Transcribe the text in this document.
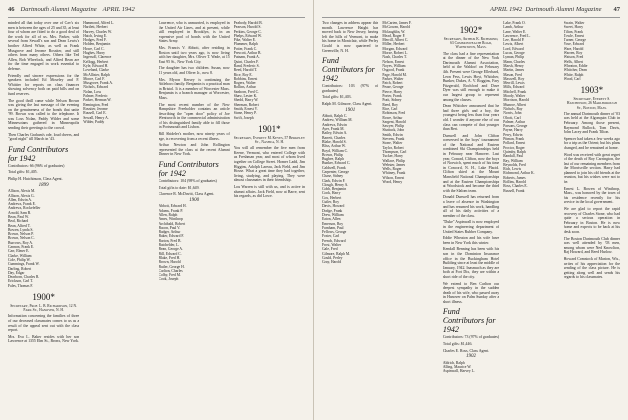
46 Dartmouth Alumni Magazine APRIL 1942

minded all that today over one of Cav's six men is between the ages of 25 and 35, at least four of whom are fitted to do a good deal of the work for all of us. Mrs. Parker, with several from Sewall's son and Dean Lewis's brother Alfred White, as well as Frank Musgrove and Jerome Rossiter, and still others from many others. Others like Ted Allen, Bob Wheelock, and Alfred Bean are for the time engaged in work essential to defense.

Friendly and sincere expressions for the speakers included Ed Moseley and F. Whittier for reports on class finances showing solvency both on paid bills and on fund reserves.

The good thrill came while Nelson Brown was giving the last message of the evening on the genuineness of the bonds that unite '99. Brown was called to the telephone. It was Loss Nolan, Paddy Wilder and some Minnesotans gathered in Minneapolis sending their greetings to the crowd.

Then Charles Graham's ode, loud cheers, and "good night" till March in '43.

Fund Contributors for 1942

Contributors: 66 (96% of graduates)

Total gifts: $1,405.

Philip H. Hutchinson, Class Agent.

1899
Allison, Alexis M.
Allison, Alexis G.
Allen, Edwin A.
Andrews, Frank E.
Andrews, Rockefeller
Arnold, Sam B.
Bean, Paul W.
Beal, Richard
Bean, Alfred T.
Bowen, Lynda S.
Brown, Nelson P.
Brown, Nelson C.
Burrows, Roy A.
Cannon, Frank E.
Carr, Elmer E.
Clarke, William
Cole, Philip W.
Cummings, Frank W.
Darling, Robert
Day, Edgar
Dearborn, Charles R.
Erickson, Carl T.
Fales, Thomas F.
1900*
Secretary, Prof. L. B. Richardson, 12 N. Park St., Hanover, N. H.

Information concerning the families of three of our deceased classmates comes to us as a result of the appeal sent out with the class report.

Mrs. Eva L. Baker resides with her son Lawrence at 1355 Elm St., Bronx, New York.

Hammond, Alfred L.
Hartlett, Herbert
Harvey, Charles W.
Hatch, Irving E.
Hodges, Fred F.
Holden, Benjamin
Howe, Carl C.
Hughes, Harry
Ingersoll, Clarence
Kellogg, Herbert
Kyle, Edward H.
Loveland, Clarke
McAllister, Ralph
Moore, Carl F.
Musgrove, Frank A.
Nichols, Edward
Nolan, Loss
Palmer, Frederic
Parker, Herman W.
Remington, Fred
Rossiter, Jerome
Russell, Carl E.
Sewall, Henry A.
Wilder, Paddy

Lawrence, who is unmarried, is employed in the United Air Lines, and at present, while still employed in Brooklyn, is in an expensive pool of bonds with the United States Army.

Mrs. Francis V. Abbott, after residing in Boston until two years ago, is now living with her daughter, Mrs. Oliver T. Wade, at 15 East 95 St., New York City.

The daughter has two children. Susan, now 11 years old, and Oliver Jr., now 8.

Mrs. Myron Kersey is continuing the Attleboro family. Benjamin is a practical man in Bristol. It is a member of Worcester Mass. Benjamin is a branch manager at Worcester, Mass.

The most recent number of the New Hampshire Freeholder contains an article describing the "open door" policy of Joe Wentworth in the commercial administration of his distinguished family able to fill those in Portsmouth and Lisbon.

Bill Shideler's mother, now ninety years of age, is recovering from a recent illness.

Arthur Newton and John Rollington represented the class at the recent Alumni Dinner in New York.

Fund Contributors for 1942

Contributors: 104 (98% of graduates)

Total gifts to date: $1,649.

Clarence R. McDavitt, Class Agent.

1900
Abbott, Edward H.
Adams, Frank P.
Allen, Ralph
Ames, Winthrop
Archibald, Robert
Bacon, Paul V.
Badger, Arthur
Baker, Edward F.
Barton, Fred B.
Batchelder, L.
Bean, George A.
Bill, Edward C.
Blake, Fred H.
Brown, Harold
Butler, George H.
Carlton, Charles
Colby, Fred M.
Cook, Joseph
Peabody, Harold B.
Pearson, Harold S.
Perkins, George C.
Phelps, Edward W.
Pike, Walter E.
Plummer, Ralph
Potter, Frank C.
Prescott, Arthur B.
Putnam, Frank A.
Quint, Charles F.
Rand, Frederic S.
Reed, Harold T.
Rice, Roy E.
Robbins, Ernest
Rogers, Walter
Rollins, Arthur
Sanborn, Fred C.
Shaw, Lester K.
Shedd, Harry W.
Sherman, Robert
Smith, Ernest V.
Stone, Henry P.
Swift, Joseph
1901*
Secretary, Everett M. Keyes, 57 Berkeley St., Nashua, N. H.

You will all remember the five men from Keene, Vermont, who entered College with us Freshman year, and most of whom lived together on College Street. Homer Ladd, Jim Higgins, Adolph Lareau, Jack Field, and Jim Hosse. What a great time they had together, living, studying, and playing. They were almost classmates in their friendship.

Lou Warren is still with us, and is active in alumni affairs. Jack Field, now at Barre, sent his regards, as did Lowe.

APRIL 1942
Dartmouth Alumni Magazine 47

Two changes in address appear this month. Lawrence Haight has moved back to New Jersey, having left the hills of Vermont, to make his home in Montclair, while Perley Gould is now quartered in Greenville, N. H.

Fund Contributors for 1942

Contributors: 103 (97% of graduates)

Total gifts: $1,403.

Ralph M. Gilmore, Class Agent.

1901
Abbott, Ralph C.
Andrew, William M.
Andrews, Edwin
Ayer, Frank M.
Bailey, Edwin A.
Barrett, Charles
Blake, Harold S.
Bliss, Arthur W.
Boyd, William C.
Brown, Philip
Bugbee, Ralph
Bunker, Edward C.
Caldwell, Frank
Carpenter, George
Chase, Sidney
Clark, Edwin F.
Clough, Henry A.
Cobb, Benjamin
Cook, Harry
Cox, Herbert
Cutler, Roy
Davis, Howard
Dodge, Frank
Drew, William
Eaton, Allen
Emerson, Roy
Farnham, Paul
Fellows, George
Foster, Carl
French, Edward
Frost, Walter
Gale, Fred
Gilmore, Ralph M.
Gould, Perley
Gray, Harold
McCarten, James F.
McGowan, Harold
Mclaughlin, W.
Mead, Roger F.
Merrill, Albert C.
Miller, Herbert
Morgan, Edward
Morse, Robert L.
Nash, Charles T.
Nelson, Ernest
Noyes, William
Osgood, Frank
Page, Harold M.
Parker, Walter
Patch, Robert
Pease, George
Pierce, Harry
Porter, Frank
Pratt, Sidney
Reed, Roy
Rice, Carl
Robinson, Fred
Rowe, Arthur
Sargent, Harold
Sawyer, Philip
Shattuck, John
Smith, Edwin
Stevens, Frank
Stone, Walter
Taylor, Robert
Thompson, Carl
Tucker, Harry
Wallace, Philip
Webster, James
Wells, Roger
Whitney, Frank
Wilson, Ernest
Wood, Henry
1902*
Secretary, Arthur K. Richmond, 63 Commonwealth Road, Watertown, Mass.

The class had a fine representation at the dinner of the New York Dartmouth Alumni Association, held at the Waldorf on February 4th. Present were George Ellerhard, Leon Fess, Lewis Hoyt, Whitcher, Bunker, Dukes, A. V. Roggins, Fary Fitzgerald, Rochford and Dave Dyer was still enough to make it our largest group to represent among the classes.

Dean Whitcher announced that he had three girls and a boy, the youngest being less than four years old. I wonder if anyone else of our class can compete of that younger than Bert.

Dunwell and John Clifton conversed in the boys' tournament of the National and Eastern combined Ski Championships held in February near Hanover. Last year, Conrad, Clifton, now the boys of Norwich, spent much of his time in Concord, N. H., Lake Placid. Clifton skied at the Mount Mansfield National Championships and at the Eastern Championships at Woodstock and became the third with the Slalom team.

Donald Dunwell has returned from a leave of absence in Washington and has resumed his work, handling all of his daily activities of a member of the class.

"Duke" Aspinwall is now employed in the engineering department of United States Rubber Company.

Eddie Wheaton and his wife have been in New York this winter.

Kendall Benning has been with his son in the Dominion Insurance office in the Buckingham Hotel Building since at least the middle of January, 1942. Inasmuch as they are both at Fort Dix, they are within a short ride of the city.

We extend to Ben Carlton our deepest sympathy in the sudden death of his wife, who passed away in Hanover on Palm Sunday after a short illness.

Fund Contributors for 1942

Contributors: 73 (97% of graduates)

Total gifts: $1,446.

Charles E. Ross, Class Agent.

1902
Aldrich, Ralph
Alling, Maurice W.
Aspinwall, Harvey L.
Lake, Frank O.
Lamb, Arthur
Lane, Walter E.
Lawrence, Fred L.
Lee, Harold P.
Lewis, Albert
Lord, Edward
Lucas, George
Lyman, Philip
Mann, Charles
Marsh, Henry
Martin, James
Mason, Fred
Maxwell, Roy
Merrill, Lewis
Mills, Edward
Mitchell, Frank
Moody, Walter
Morrison, Harold
Munroe, Albert
Nichols, Ray
Norris, John
Olcott, Carl
Palmer, Arthur
Parsons, George
Payne, Harry
Perry, Edwin
Pitman, Frank
Pollard, Ernest
Proctor, Roger
Quimby, Ralph
Randall, Paul
Ray, William
Reynolds, Fred
Rich, Lewis
Richmond, Arthur K.
Roberts, James
Rollins, Harold
Ross, Charles E.
Russell, Frank
Swain, Walter
Sweet, Harry
Tilton, Frank
Towle, Ernest
Turner, George
Vose, Edward
Ware, Harold
Warren, Roy
Watson, Fred
Wells, Albert
Wheaton, Eddie
Whitcher, Dean
White, Ralph
Wood, Carl
1903*
Secretary, Everett S. Hatchinson, 26 Marlborough St., Boston, Mass.

The annual Dartmouth dinner of '03 was held at the Algonquin Club in February. Among those present, Raymond Bullock, Tom Davis, John Lacey and Frank Tilton.

Spencer had taken a few weeks ago for a trip as the Orient; but his plans changed, and he remained at home.

Word was received with great regret of the death of Roy Carrington, the last of our remaining members from the Morrisville section. Harry had planned to join his old friends at the reunion, but his wishes were not to be.

Ernest L. Bowen of Winthrop, Mass., was honored by the town of his residence recently for his service in the local government.

We are glad to report the rapid recovery of Charles Stone, who had quite a serious operation in February in Boston. He is now home and expects to be back at his desk soon.

The Boston Dartmouth Club dinner was well attended by '03 men, among whom were Ned Knowlton, Raj Howard, and Reed Harlow.

Howard Comstock of Marion, Wis., writes of his appreciation for the sending of the class picture. He is getting along well and sends his regards to his classmates.
